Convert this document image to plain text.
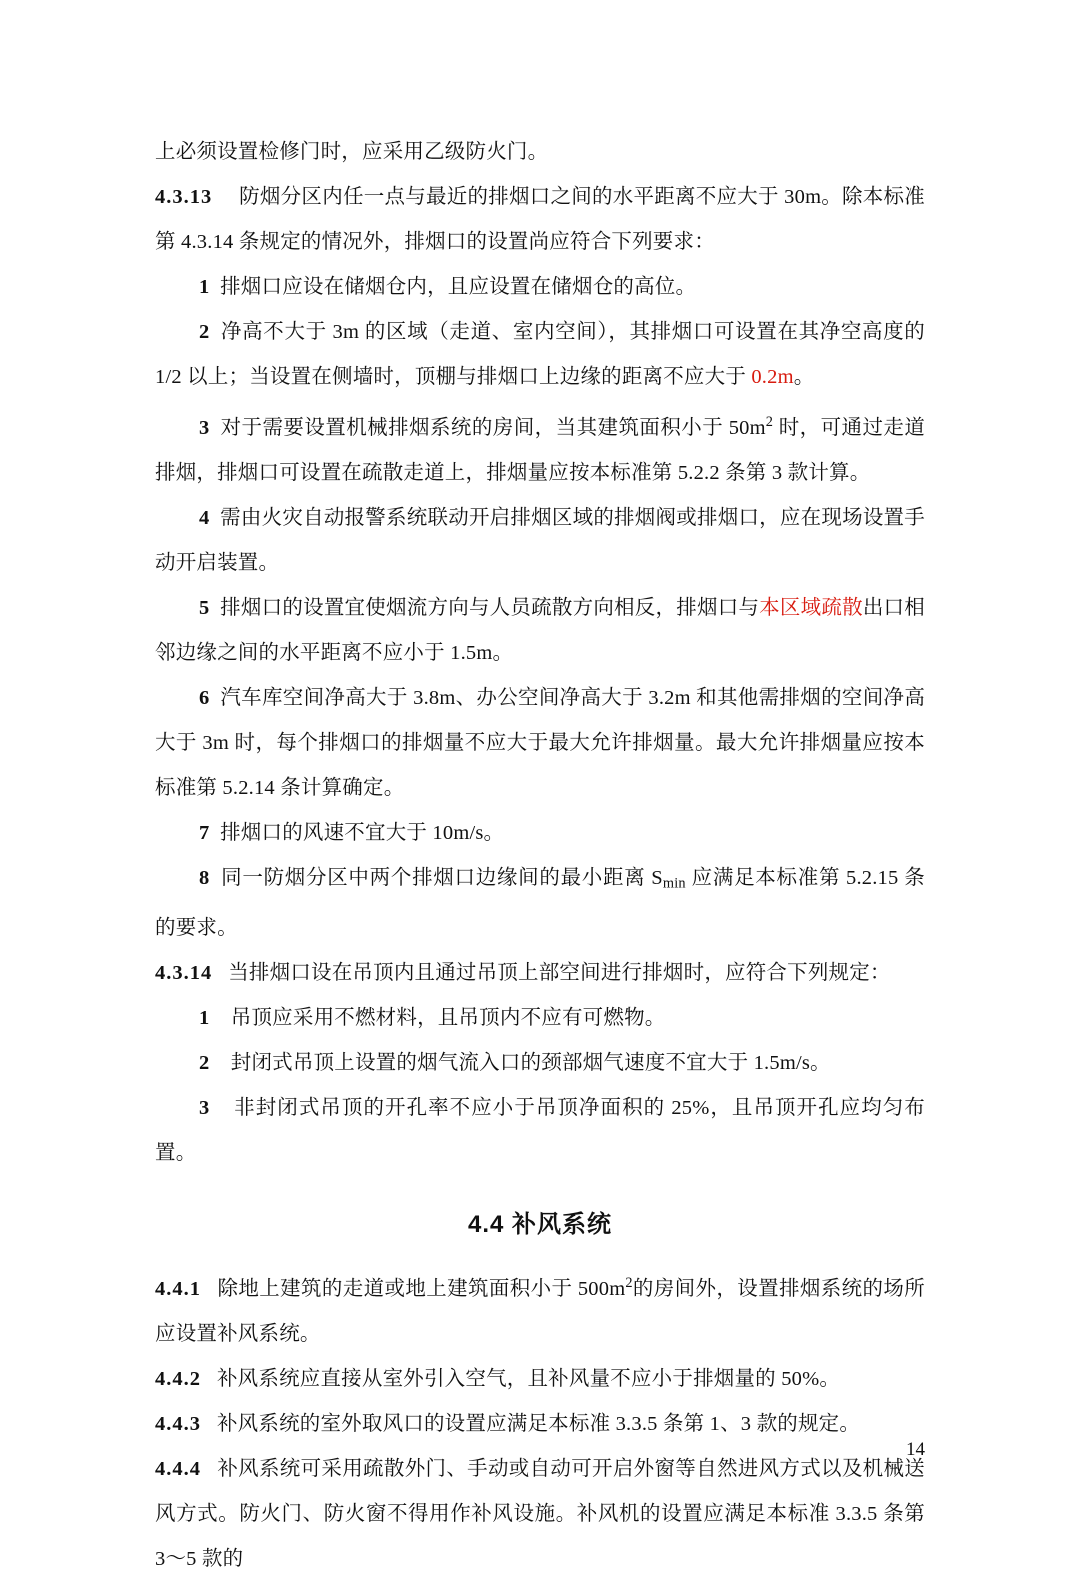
上必须设置检修门时，应采用乙级防火门。

4.3.13 防烟分区内任一点与最近的排烟口之间的水平距离不应大于 30m。除本标准第 4.3.14 条规定的情况外，排烟口的设置尚应符合下列要求：

1 排烟口应设在储烟仓内，且应设置在储烟仓的高位。

2 净高不大于 3m 的区域（走道、室内空间），其排烟口可设置在其净空高度的 1/2 以上；当设置在侧墙时，顶棚与排烟口上边缘的距离不应大于 0.2m。

3 对于需要设置机械排烟系统的房间，当其建筑面积小于 $50m^2$ 时，可通过走道排烟，排烟口可设置在疏散走道上，排烟量应按本标准第 5.2.2 条第 3 款计算。

4 需由火灾自动报警系统联动开启排烟区域的排烟阀或排烟口，应在现场设置手动开启装置。

5 排烟口的设置宜使烟流方向与人员疏散方向相反，排烟口与本区域疏散出口相邻边缘之间的水平距离不应小于 1.5m。

6 汽车库空间净高大于 3.8m、办公空间净高大于 3.2m 和其他需排烟的空间净高大于 3m 时，每个排烟口的排烟量不应大于最大允许排烟量。最大允许排烟量应按本标准第 5.2.14 条计算确定。

7 排烟口的风速不宜大于 10m/s。

8 同一防烟分区中两个排烟口边缘间的最小距离 $S_{min}$ 应满足本标准第 5.2.15 条的要求。

4.3.14 当排烟口设在吊顶内且通过吊顶上部空间进行排烟时，应符合下列规定：

1 吊顶应采用不燃材料，且吊顶内不应有可燃物。

2 封闭式吊顶上设置的烟气流入口的颈部烟气速度不宜大于 1.5m/s。

3 非封闭式吊顶的开孔率不应小于吊顶净面积的 25%，且吊顶开孔应均匀布置。

4.4 补风系统

4.4.1 除地上建筑的走道或地上建筑面积小于 $500m^2$的房间外，设置排烟系统的场所应设置补风系统。

4.4.2 补风系统应直接从室外引入空气，且补风量不应小于排烟量的 50%。

4.4.3 补风系统的室外取风口的设置应满足本标准 3.3.5 条第 1、3 款的规定。

4.4.4 补风系统可采用疏散外门、手动或自动可开启外窗等自然进风方式以及机械送风方式。防火门、防火窗不得用作补风设施。补风机的设置应满足本标准 3.3.5 条第 3～5 款的

14
